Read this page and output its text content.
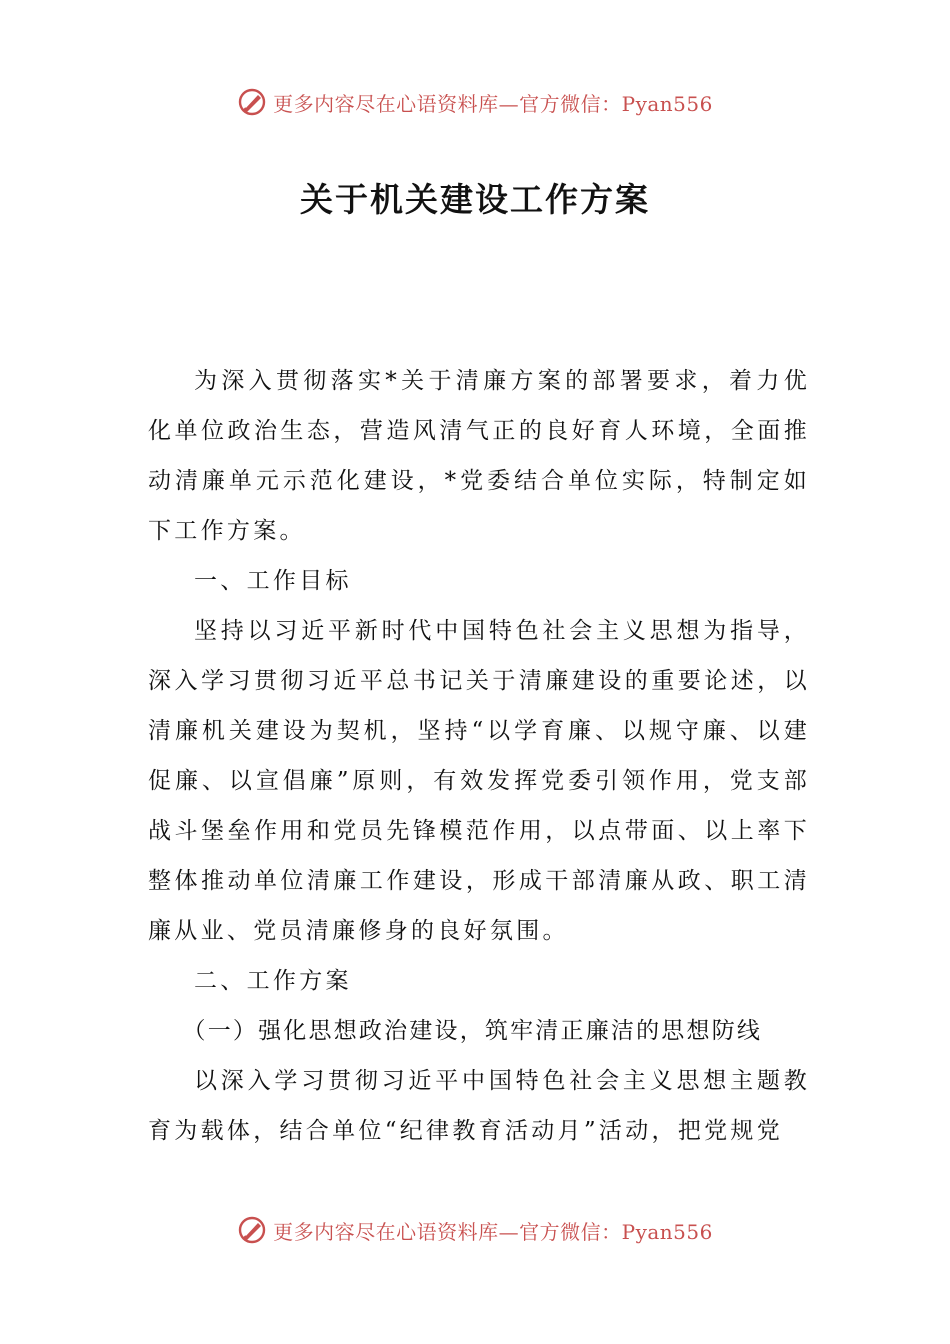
更多内容尽在心语资料库—官方微信：Pyan556
关于机关建设工作方案

为深入贯彻落实*关于清廉方案的部署要求，着力优化单位政治生态，营造风清气正的良好育人环境，全面推动清廉单元示范化建设，*党委结合单位实际，特制定如下工作方案。

一、工作目标

坚持以习近平新时代中国特色社会主义思想为指导，深入学习贯彻习近平总书记关于清廉建设的重要论述，以清廉机关建设为契机，坚持“以学育廉、以规守廉、以建促廉、以宣倡廉”原则，有效发挥党委引领作用，党支部战斗堡垒作用和党员先锋模范作用，以点带面、以上率下整体推动单位清廉工作建设，形成干部清廉从政、职工清廉从业、党员清廉修身的良好氛围。

二、工作方案

（一）强化思想政治建设，筑牢清正廉洁的思想防线

以深入学习贯彻习近平中国特色社会主义思想主题教育为载体，结合单位“纪律教育活动月”活动，把党规党

更多内容尽在心语资料库—官方微信：Pyan556
